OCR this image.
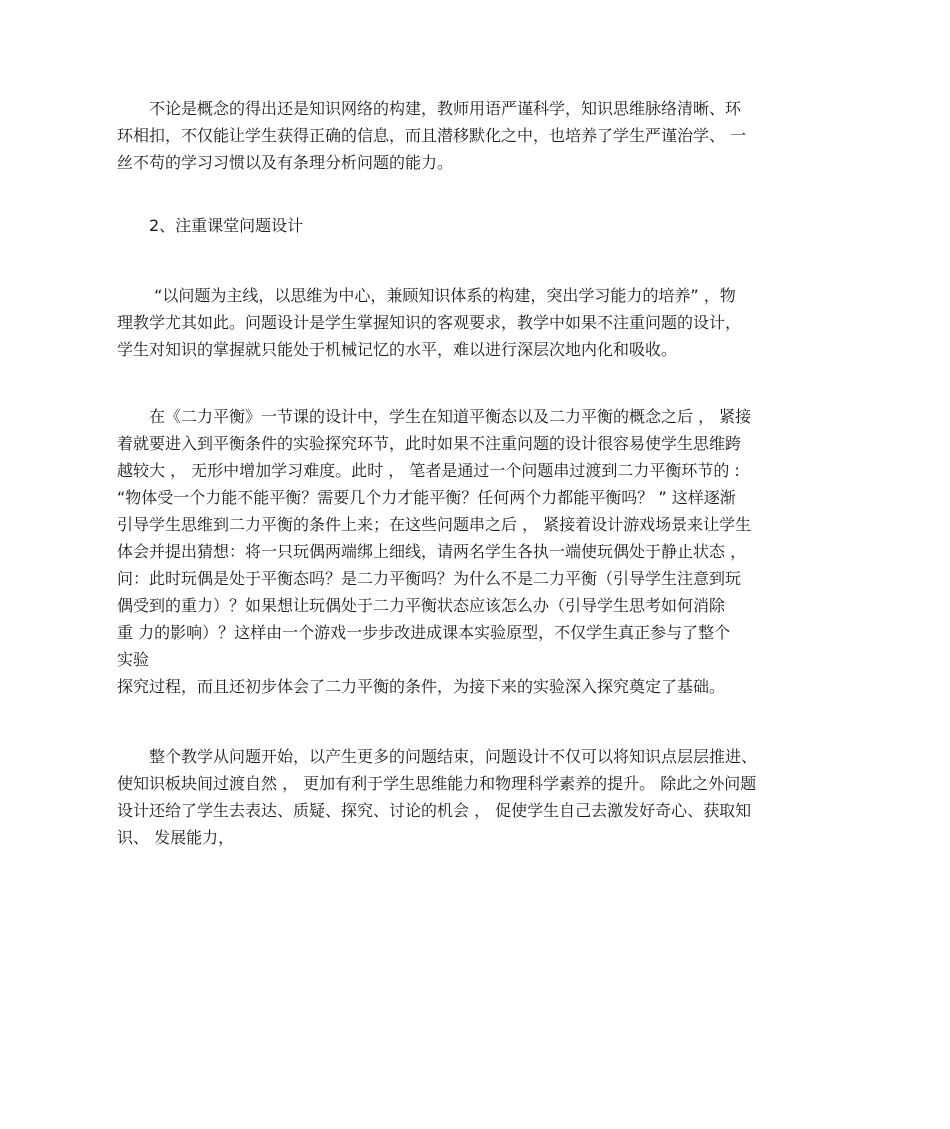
　　不论是概念的得出还是知识网络的构建，教师用语严谨科学，知识思维脉络清晰、环
环相扣，不仅能让学生获得正确的信息，而且潜移默化之中，也培养了学生严谨治学、 一
丝不苟的学习习惯以及有条理分析问题的能力。
　　2、注重课堂问题设计
　　 “以问题为主线，以思维为中心，兼顾知识体系的构建，突出学习能力的培养” ，物
理教学尤其如此。问题设计是学生掌握知识的客观要求，教学中如果不注重问题的设计，
学生对知识的掌握就只能处于机械记忆的水平，难以进行深层次地内化和吸收。
　　在《二力平衡》一节课的设计中，学生在知道平衡态以及二力平衡的概念之后 ， 紧接
着就要进入到平衡条件的实验探究环节，此时如果不注重问题的设计很容易使学生思维跨
越较大 ， 无形中增加学习难度。此时 ， 笔者是通过一个问题串过渡到二力平衡环节的 :
“物体受一个力能不能平衡？需要几个力才能平衡？任何两个力都能平衡吗？ ” 这样逐渐
引导学生思维到二力平衡的条件上来；在这些问题串之后 ， 紧接着设计游戏场景来让学生
体会并提出猜想：将一只玩偶两端绑上细线，请两名学生各执一端使玩偶处于静止状态 ，
问：此时玩偶是处于平衡态吗？是二力平衡吗？为什么不是二力平衡（引导学生注意到玩
偶受到的重力）？如果想让玩偶处于二力平衡状态应该怎么办（引导学生思考如何消除
重 力的影响）？这样由一个游戏一步步改进成课本实验原型，不仅学生真正参与了整个
实验
探究过程，而且还初步体会了二力平衡的条件，为接下来的实验深入探究奠定了基础。
　　整个教学从问题开始，以产生更多的问题结束，问题设计不仅可以将知识点层层推进、
使知识板块间过渡自然 ， 更加有利于学生思维能力和物理科学素养的提升。 除此之外问题
设计还给了学生去表达、质疑、探究、讨论的机会 ， 促使学生自己去激发好奇心、获取知
识、 发展能力，
